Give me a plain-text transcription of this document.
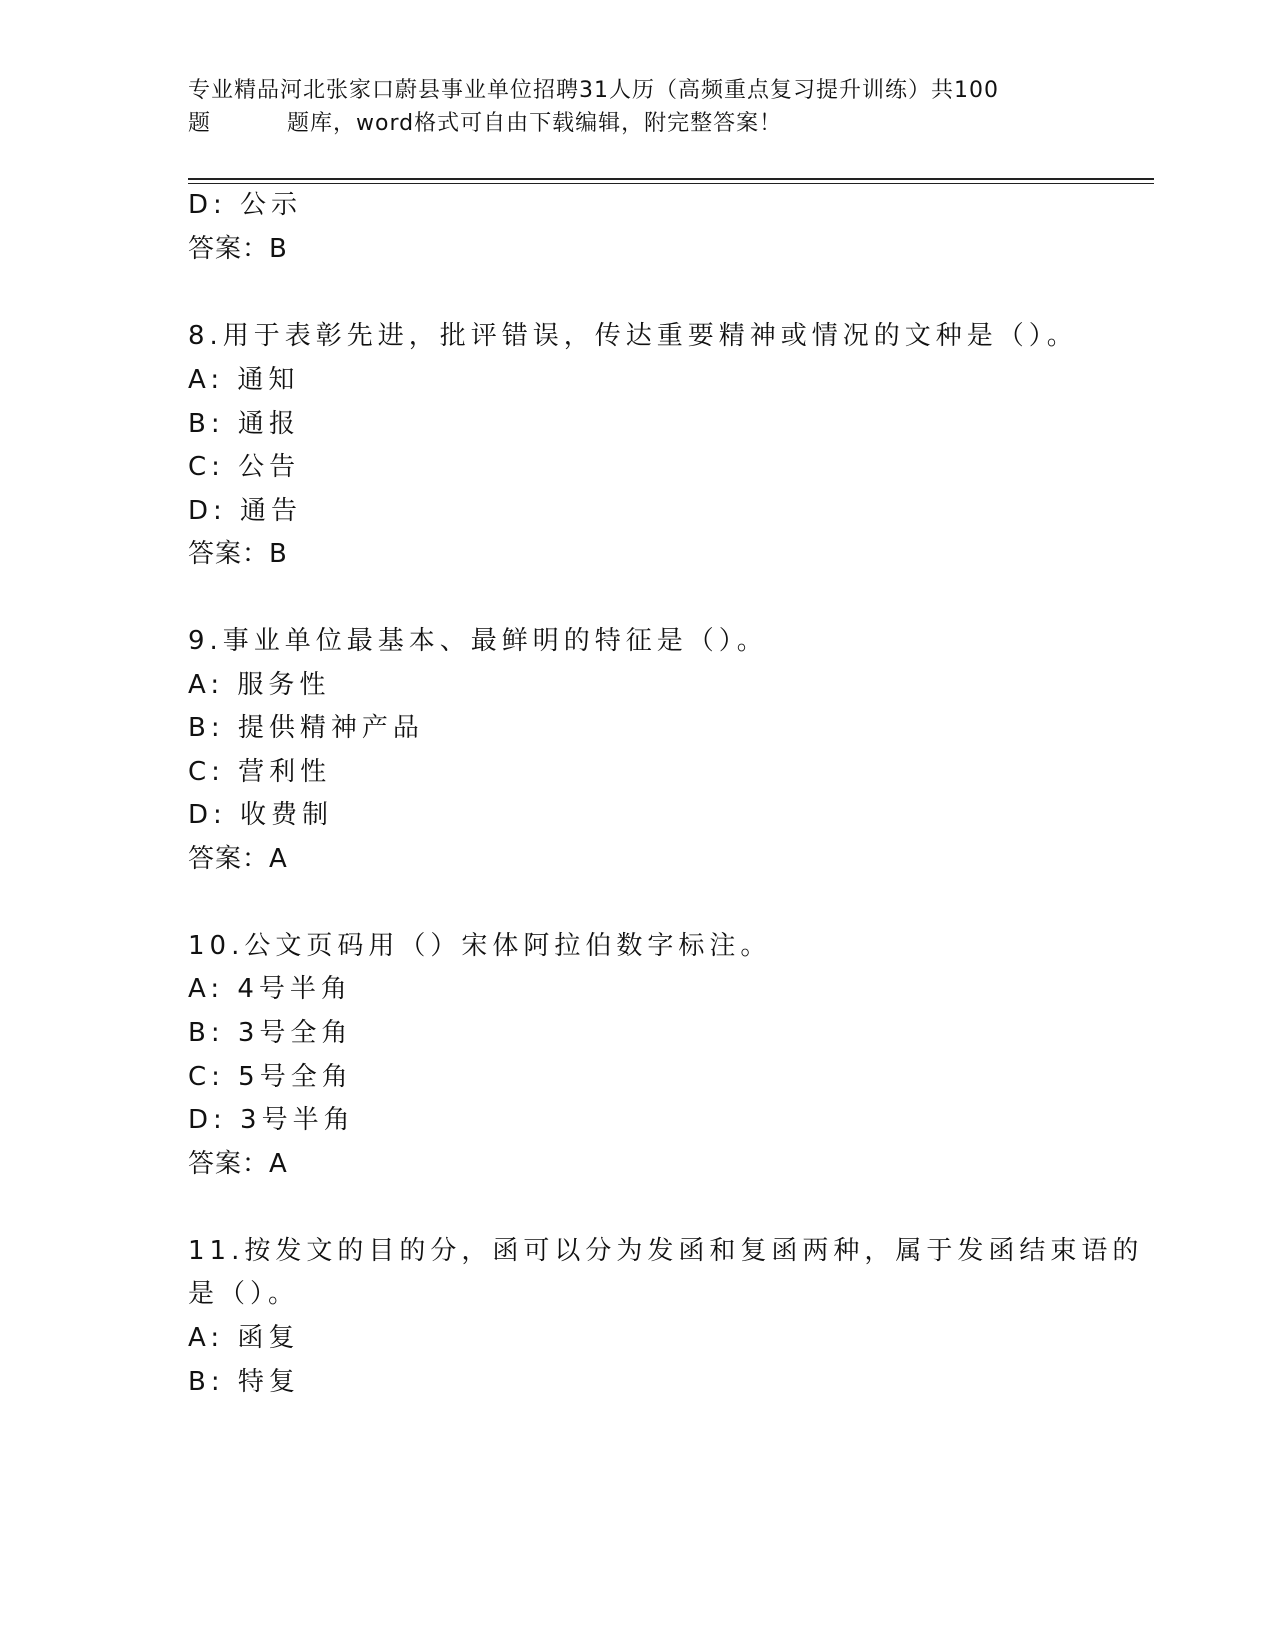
专业精品河北张家口蔚县事业单位招聘31人历（高频重点复习提升训练）共100
题	题库，word格式可自由下载编辑，附完整答案！
D: 公示
答案：B
8.用于表彰先进，批评错误，传达重要精神或情况的文种是（）。
A: 通知
B: 通报
C: 公告
D: 通告
答案：B
9.事业单位最基本、最鲜明的特征是（）。
A: 服务性
B: 提供精神产品
C: 营利性
D: 收费制
答案：A
10.公文页码用（）宋体阿拉伯数字标注。
A: 4号半角
B: 3号全角
C: 5号全角
D: 3号半角
答案：A
11.按发文的目的分，函可以分为发函和复函两种，属于发函结束语的
是（）。
A: 函复
B: 特复
